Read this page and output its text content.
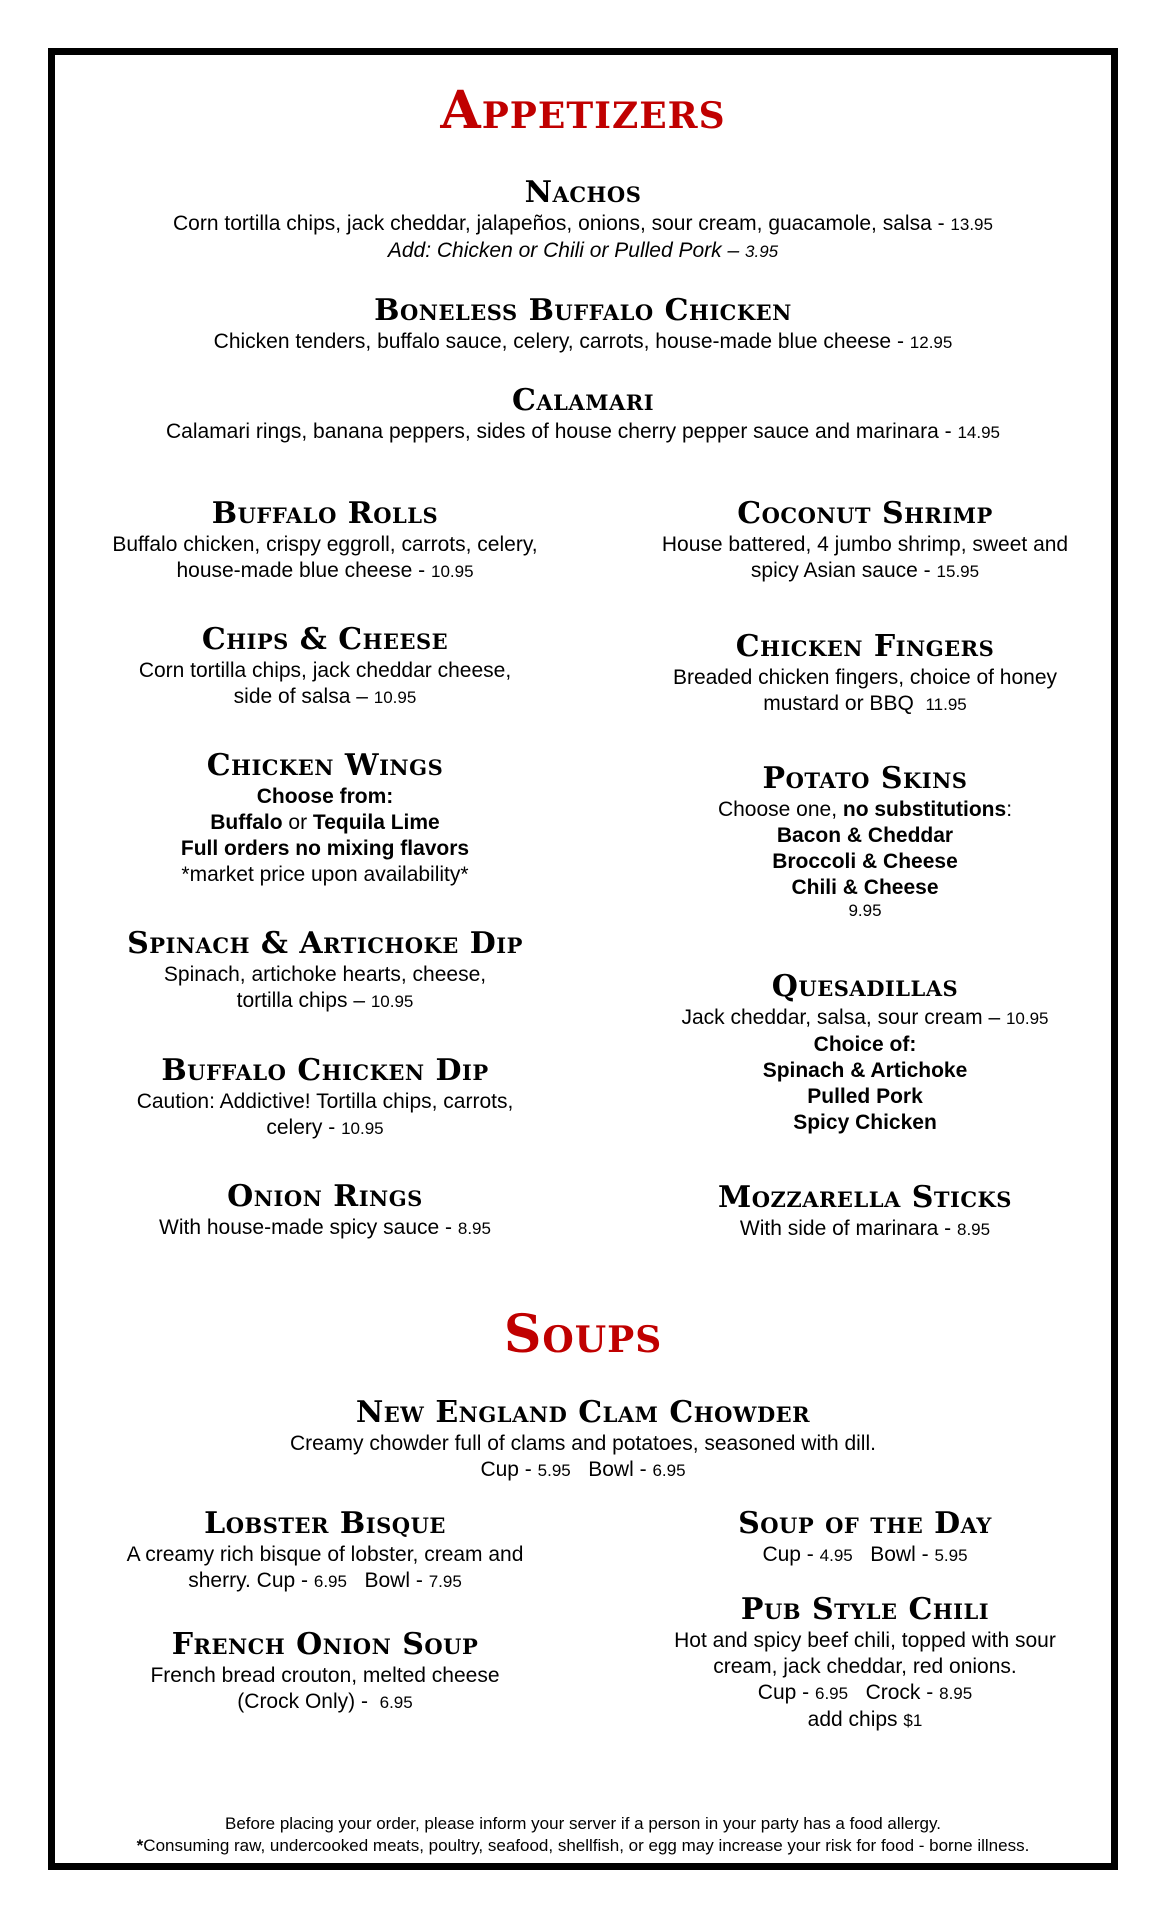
Appetizers
Nachos
Corn tortilla chips, jack cheddar, jalapeños, onions, sour cream, guacamole, salsa - 13.95
Add: Chicken or Chili or Pulled Pork – 3.95
Boneless Buffalo Chicken
Chicken tenders, buffalo sauce, celery, carrots, house-made blue cheese - 12.95
Calamari
Calamari rings, banana peppers, sides of house cherry pepper sauce and marinara - 14.95
Buffalo Rolls
Buffalo chicken, crispy eggroll, carrots, celery,
house-made blue cheese - 10.95
Chips & Cheese
Corn tortilla chips, jack cheddar cheese,
side of salsa – 10.95
Chicken Wings
Choose from:
Buffalo or Tequila Lime
Full orders no mixing flavors
*market price upon availability*
Spinach & Artichoke Dip
Spinach, artichoke hearts, cheese,
tortilla chips – 10.95
Buffalo Chicken Dip
Caution: Addictive! Tortilla chips, carrots,
celery - 10.95
Onion Rings
With house-made spicy sauce - 8.95
Coconut Shrimp
House battered, 4 jumbo shrimp, sweet and
spicy Asian sauce - 15.95
Chicken Fingers
Breaded chicken fingers, choice of honey
mustard or BBQ  11.95
Potato Skins
Choose one, no substitutions:
Bacon & Cheddar
Broccoli & Cheese
Chili & Cheese
9.95
Quesadillas
Jack cheddar, salsa, sour cream – 10.95
Choice of:
Spinach & Artichoke
Pulled Pork
Spicy Chicken
Mozzarella Sticks
With side of marinara - 8.95
Soups
New England Clam Chowder
Creamy chowder full of clams and potatoes, seasoned with dill.
Cup - 5.95 Bowl - 6.95
Lobster Bisque
A creamy rich bisque of lobster, cream and
sherry. Cup - 6.95 Bowl - 7.95
French Onion Soup
French bread crouton, melted cheese
(Crock Only) -  6.95
Soup of the Day
Cup - 4.95 Bowl - 5.95
Pub Style Chili
Hot and spicy beef chili, topped with sour
cream, jack cheddar, red onions.
Cup - 6.95 Crock - 8.95
add chips $1
Before placing your order, please inform your server if a person in your party has a food allergy.
*Consuming raw, undercooked meats, poultry, seafood, shellfish, or egg may increase your risk for food - borne illness.
